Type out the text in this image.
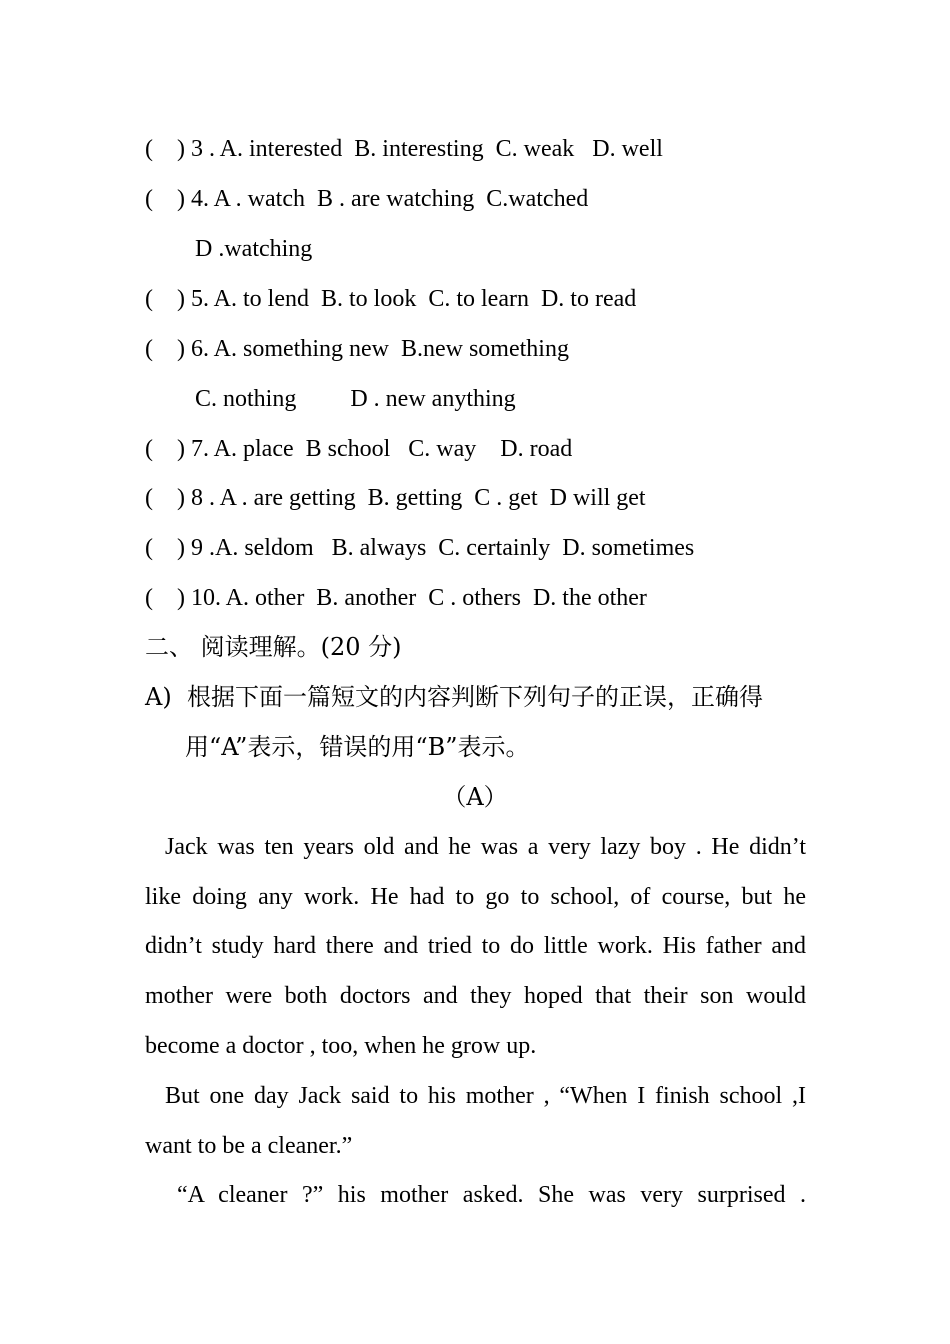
(    ) 3 . A. interested  B. interesting  C. weak   D. well
(    ) 4. A . watch  B . are watching  C.watched
D .watching
(    ) 5. A. to lend  B. to look  C. to learn  D. to read
(    ) 6. A. something new  B.new something
C. nothing         D . new anything
(    ) 7. A. place  B school   C. way    D. road
(    ) 8 . A . are getting  B. getting  C . get  D will get
(    ) 9 .A. seldom   B. always  C. certainly  D. sometimes
(    ) 10. A. other  B. another  C . others  D. the other
二、 阅读理解。(20 分)
A)  根据下面一篇短文的内容判断下列句子的正误，正确得
用“A”表示，错误的用“B”表示。
（A）
Jack was ten years old and he was a very lazy boy . He didn’t
like doing any work. He had to go to school, of course, but he
didn’t study hard there and tried to do little work. His father and
mother were both doctors and they hoped that their son would
become a doctor , too, when he grow up.
But one day Jack said to his mother , “When I finish school ,I
want to be a cleaner.”
“A cleaner ?” his mother asked. She was very surprised .
